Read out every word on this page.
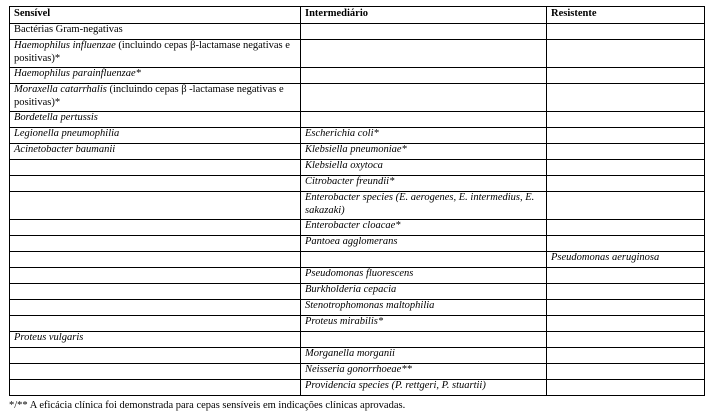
Sensível	Intermediário	Resistente
Bactérias Gram-negativas		
Haemophilus influenzae (incluindo cepas β-lactamase negativas e positivas)*		
Haemophilus parainfluenzae*		
Moraxella catarrhalis (incluindo cepas β -lactamase negativas e positivas)*		
Bordetella pertussis		
Legionella pneumophilia	Escherichia coli*	
Acinetobacter baumanii	Klebsiella pneumoniae*	
	Klebsiella oxytoca	
	Citrobacter freundii*	
	Enterobacter species (E. aerogenes, E. intermedius, E. sakazaki)	
	Enterobacter cloacae*	
	Pantoea agglomerans	
		Pseudomonas aeruginosa
	Pseudomonas fluorescens	
	Burkholderia cepacia	
	Stenotrophomonas maltophilia	
	Proteus mirabilis*	
Proteus vulgaris		
	Morganella morganii	
	Neisseria gonorrhoeae**	
	Providencia species (P. rettgeri, P. stuartii)	
*/** A eficácia clínica foi demonstrada para cepas sensíveis em indicações clínicas aprovadas.
